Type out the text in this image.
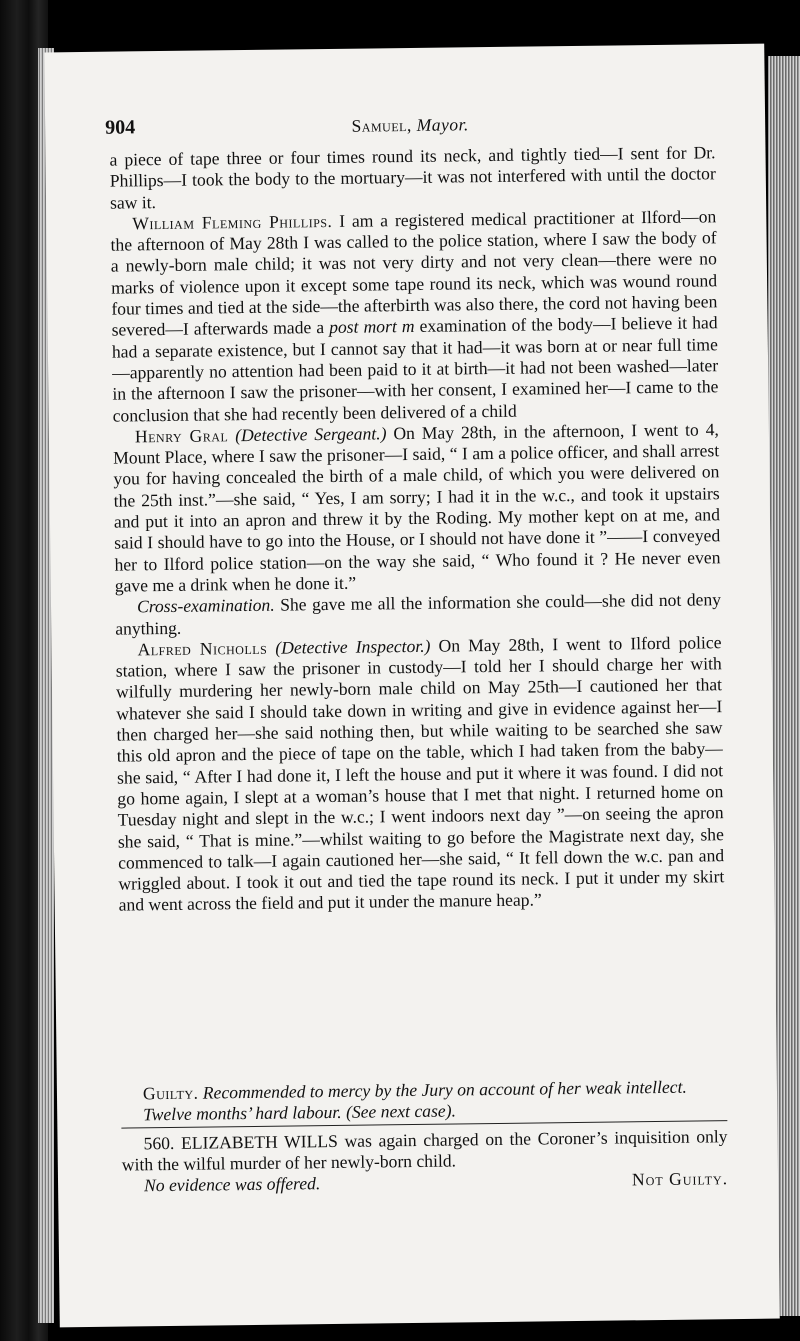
904	Samuel, Mayor.

a piece of tape three or four times round its neck, and tightly tied—I sent for Dr. Phillips—I took the body to the mortuary—it was not interfered with until the doctor saw it.

William Fleming Phillips. I am a registered medical practitioner at Ilford—on the afternoon of May 28th I was called to the police station, where I saw the body of a newly-born male child; it was not very dirty and not very clean—there were no marks of violence upon it except some tape round its neck, which was wound round four times and tied at the side—the afterbirth was also there, the cord not having been severed—I afterwards made a post mort m examination of the body—I believe it had had a separate existence, but I cannot say that it had—it was born at or near full time—apparently no attention had been paid to it at birth—it had not been washed—later in the afternoon I saw the prisoner—with her consent, I examined her—I came to the conclusion that she had recently been delivered of a child

Henry Gral (Detective Sergeant.) On May 28th, in the afternoon, I went to 4, Mount Place, where I saw the prisoner—I said, “ I am a police officer, and shall arrest you for having concealed the birth of a male child, of which you were delivered on the 25th inst.”—she said, “ Yes, I am sorry; I had it in the w.c., and took it upstairs and put it into an apron and threw it by the Roding. My mother kept on at me, and said I should have to go into the House, or I should not have done it ”——I conveyed her to Ilford police station—on the way she said, “ Who found it ? He never even gave me a drink when he done it.”

Cross-examination. She gave me all the information she could—she did not deny anything.

Alfred Nicholls (Detective Inspector.) On May 28th, I went to Ilford police station, where I saw the prisoner in custody—I told her I should charge her with wilfully murdering her newly-born male child on May 25th—I cautioned her that whatever she said I should take down in writing and give in evidence against her—I then charged her—she said nothing then, but while waiting to be searched she saw this old apron and the piece of tape on the table, which I had taken from the baby—she said, “ After I had done it, I left the house and put it where it was found. I did not go home again, I slept at a woman’s house that I met that night. I returned home on Tuesday night and slept in the w.c.; I went indoors next day ”—on seeing the apron she said, “ That is mine.”—whilst waiting to go before the Magistrate next day, she commenced to talk—I again cautioned her—she said, “ It fell down the w.c. pan and wriggled about. I took it out and tied the tape round its neck. I put it under my skirt and went across the field and put it under the manure heap.”

Guilty. Recommended to mercy by the Jury on account of her weak intellect. Twelve months’ hard labour. (See next case).

560. ELIZABETH WILLS was again charged on the Coroner’s inquisition only with the wilful murder of her newly-born child.

No evidence was offered.	Not Guilty.
